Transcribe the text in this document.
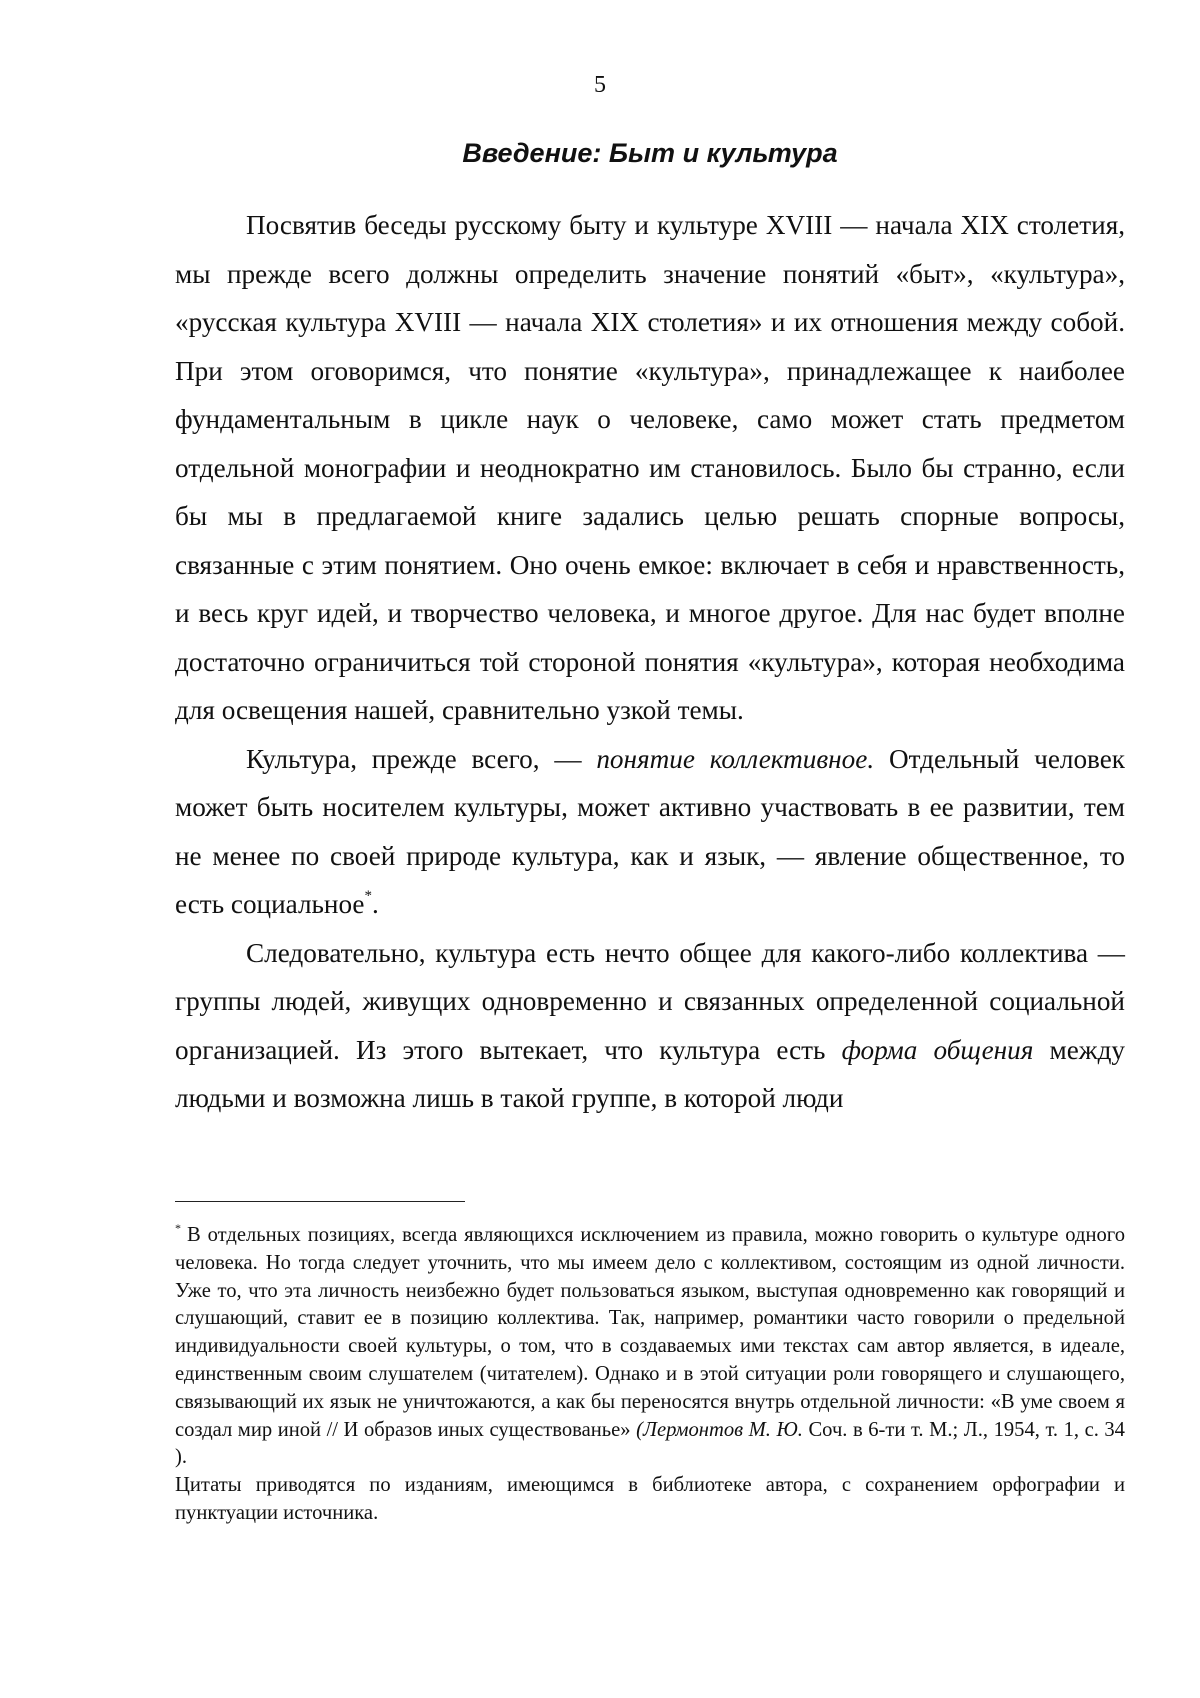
5
Введение: Быт и культура

Посвятив беседы русскому быту и культуре XVIII — начала XIX столетия, мы прежде всего должны определить значение понятий «быт», «культура», «русская культура XVIII — начала XIX столетия» и их отношения между собой. При этом оговоримся, что понятие «культура», принадлежащее к наиболее фундаментальным в цикле наук о человеке, само может стать предметом отдельной монографии и неоднократно им становилось. Было бы странно, если бы мы в предлагаемой книге задались целью решать спорные вопросы, связанные с этим понятием. Оно очень емкое: включает в себя и нравственность, и весь круг идей, и творчество человека, и многое другое. Для нас будет вполне достаточно ограничиться той стороной понятия «культура», которая необходима для освещения нашей, сравнительно узкой темы.

Культура, прежде всего, — понятие коллективное. Отдельный человек может быть носителем культуры, может активно участвовать в ее развитии, тем не менее по своей природе культура, как и язык, — явление общественное, то есть социальное*.

Следовательно, культура есть нечто общее для какого-либо коллектива — группы людей, живущих одновременно и связанных определенной социальной организацией. Из этого вытекает, что культура есть форма общения между людьми и возможна лишь в такой группе, в которой люди

* В отдельных позициях, всегда являющихся исключением из правила, можно говорить о культуре одного человека. Но тогда следует уточнить, что мы имеем дело с коллективом, состоящим из одной личности. Уже то, что эта личность неизбежно будет пользоваться языком, выступая одновременно как говорящий и слушающий, ставит ее в позицию коллектива. Так, например, романтики часто говорили о предельной индивидуальности своей культуры, о том, что в создаваемых ими текстах сам автор является, в идеале, единственным своим слушателем (читателем). Однако и в этой ситуации роли говорящего и слушающего, связывающий их язык не уничтожаются, а как бы переносятся внутрь отдельной личности: «В уме своем я создал мир иной // И образов иных существованье» (Лермонтов М. Ю. Соч. в 6-ти т. М.; Л., 1954, т. 1, с. 34 ).

Цитаты приводятся по изданиям, имеющимся в библиотеке автора, с сохранением орфографии и пунктуации источника.
